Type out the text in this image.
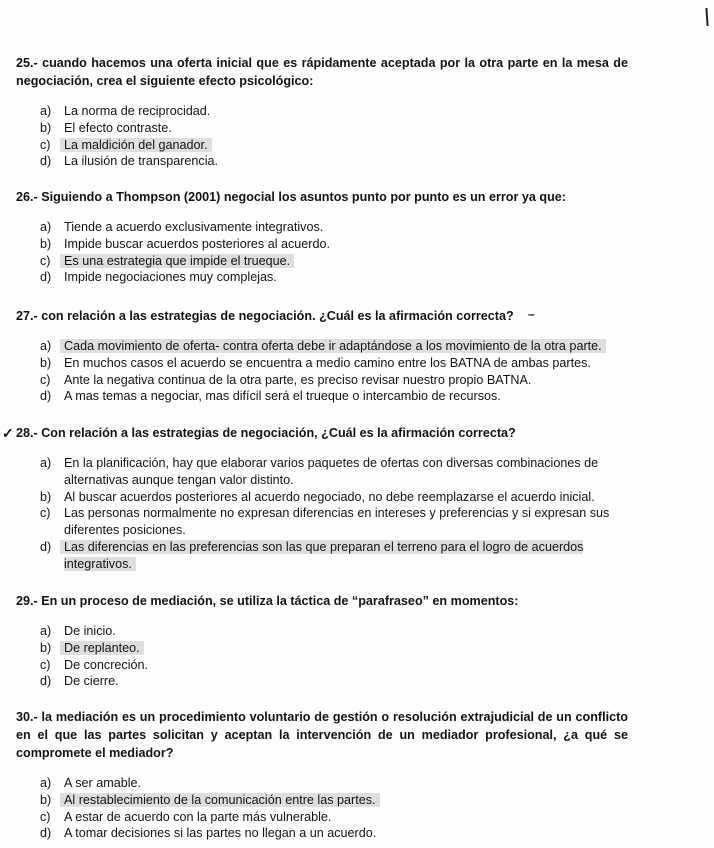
–
✓
25.- cuando hacemos una oferta inicial que es rápidamente aceptada por la otra parte en la mesa de negociación, crea el siguiente efecto psicológico:
a)	La norma de reciprocidad.
b)	El efecto contraste.
c)	La maldición del ganador.
d)	La ilusión de transparencia.
26.- Siguiendo a Thompson (2001) negocial los asuntos punto por punto es un error ya que:
a)	Tiende a acuerdo exclusivamente integrativos.
b)	Impide buscar acuerdos posteriores al acuerdo.
c)	Es una estrategia que impide el trueque.
d)	Impide negociaciones muy complejas.
27.- con relación a las estrategias de negociación. ¿Cuál es la afirmación correcta?
a)	Cada movimiento de oferta- contra oferta debe ir adaptándose a los movimiento de la otra parte.
b)	En muchos casos el acuerdo se encuentra a medio camino entre los BATNA de ambas partes.
c)	Ante la negativa continua de la otra parte, es preciso revisar nuestro propio BATNA.
d)	A mas temas a negociar, mas difícil será el trueque o intercambio de recursos.
28.- Con relación a las estrategias de negociación, ¿Cuál es la afirmación correcta?
a)	En la planificación, hay que elaborar varios paquetes de ofertas con diversas combinaciones de alternativas aunque tengan valor distinto.
b)	Al buscar acuerdos posteriores al acuerdo negociado, no debe reemplazarse el acuerdo inicial.
c)	Las personas normalmente no expresan diferencias en intereses y preferencias y si expresan sus diferentes posiciones.
d)	Las diferencias en las preferencias son las que preparan el terreno para el logro de acuerdos integrativos.
29.- En un proceso de mediación, se utiliza la táctica de “parafraseo” en momentos:
a)	De inicio.
b)	De replanteo.
c)	De concreción.
d)	De cierre.
30.- la mediación es un procedimiento voluntario de gestión o resolución extrajudicial de un conflicto en el que las partes solicitan y aceptan la intervención de un mediador profesional, ¿a qué se compromete el mediador?
a)	A ser amable.
b)	Al restablecimiento de la comunicación entre las partes.
c)	A estar de acuerdo con la parte más vulnerable.
d)	A tomar decisiones si las partes no llegan a un acuerdo.
